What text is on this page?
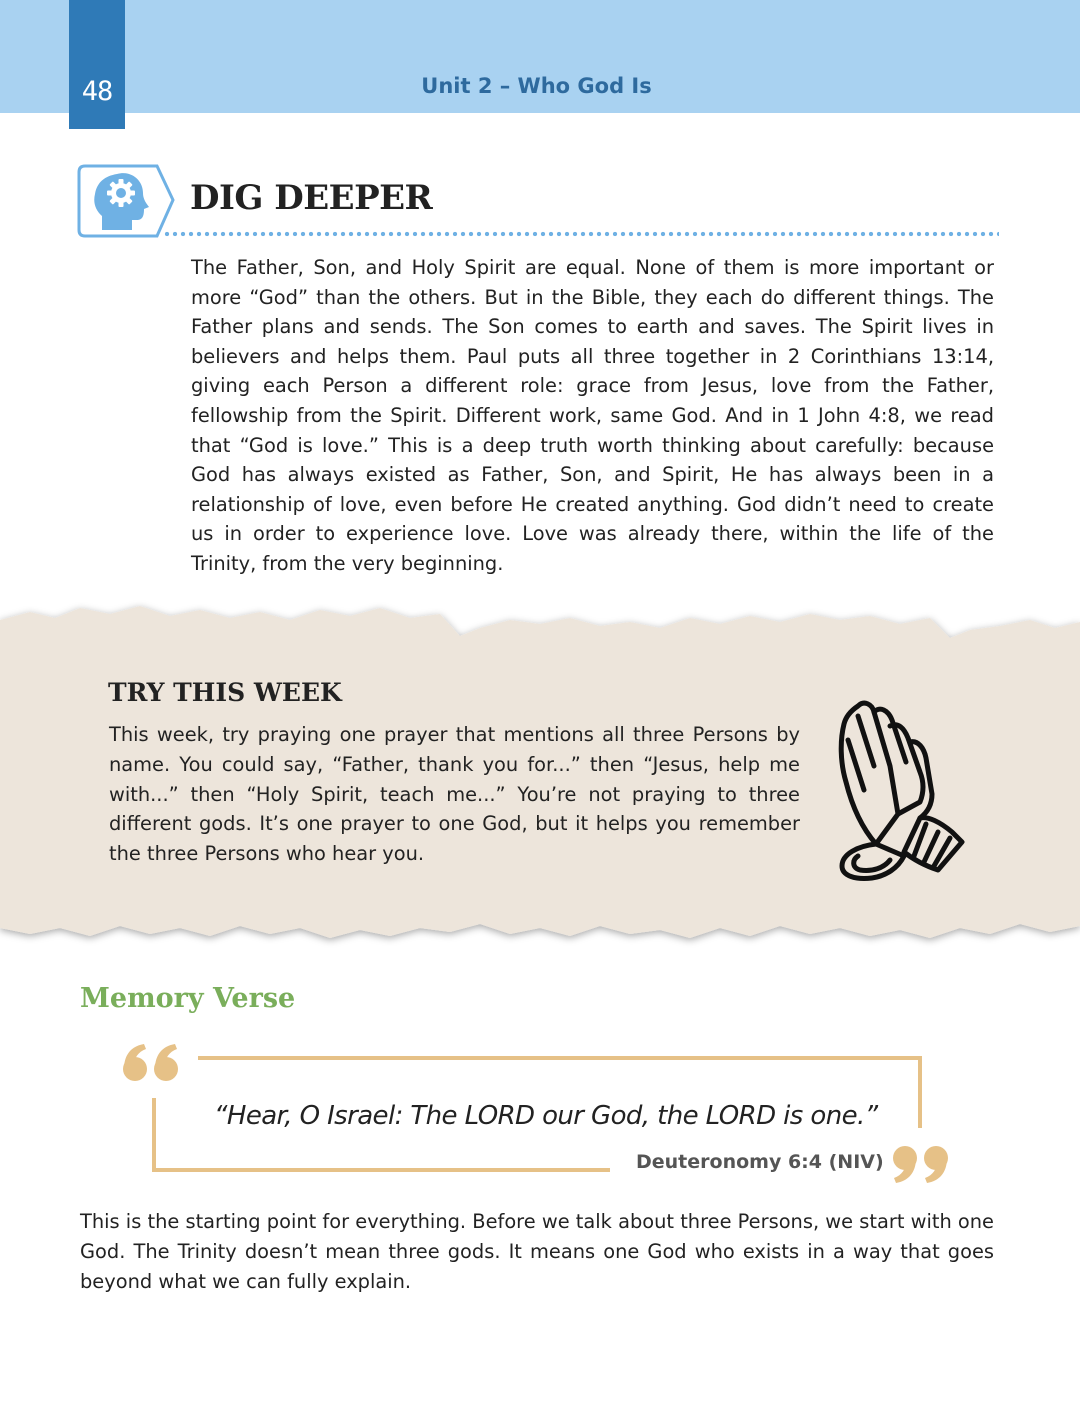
48	Unit 2 – Who God Is
DIG DEEPER
The Father, Son, and Holy Spirit are equal. None of them is more important or more “God” than the others. But in the Bible, they each do different things. The Father plans and sends. The Son comes to earth and saves. The Spirit lives in believers and helps them. Paul puts all three together in 2 Corinthians 13:14, giving each Person a different role: grace from Jesus, love from the Father, fellowship from the Spirit. Different work, same God. And in 1 John 4:8, we read that “God is love.” This is a deep truth worth thinking about carefully: because God has always existed as Father, Son, and Spirit, He has always been in a relationship of love, even before He created anything. God didn’t need to create us in order to experience love. Love was already there, within the life of the Trinity, from the very beginning.
TRY THIS WEEK
This week, try praying one prayer that mentions all three Persons by name. You could say, “Father, thank you for...” then “Jesus, help me with...” then “Holy Spirit, teach me...” You’re not praying to three different gods. It’s one prayer to one God, but it helps you remember the three Persons who hear you.
Memory Verse
“Hear, O Israel: The LORD our God, the LORD is one.”
Deuteronomy 6:4 (NIV)
This is the starting point for everything. Before we talk about three Persons, we start with one God. The Trinity doesn’t mean three gods. It means one God who exists in a way that goes beyond what we can fully explain.
